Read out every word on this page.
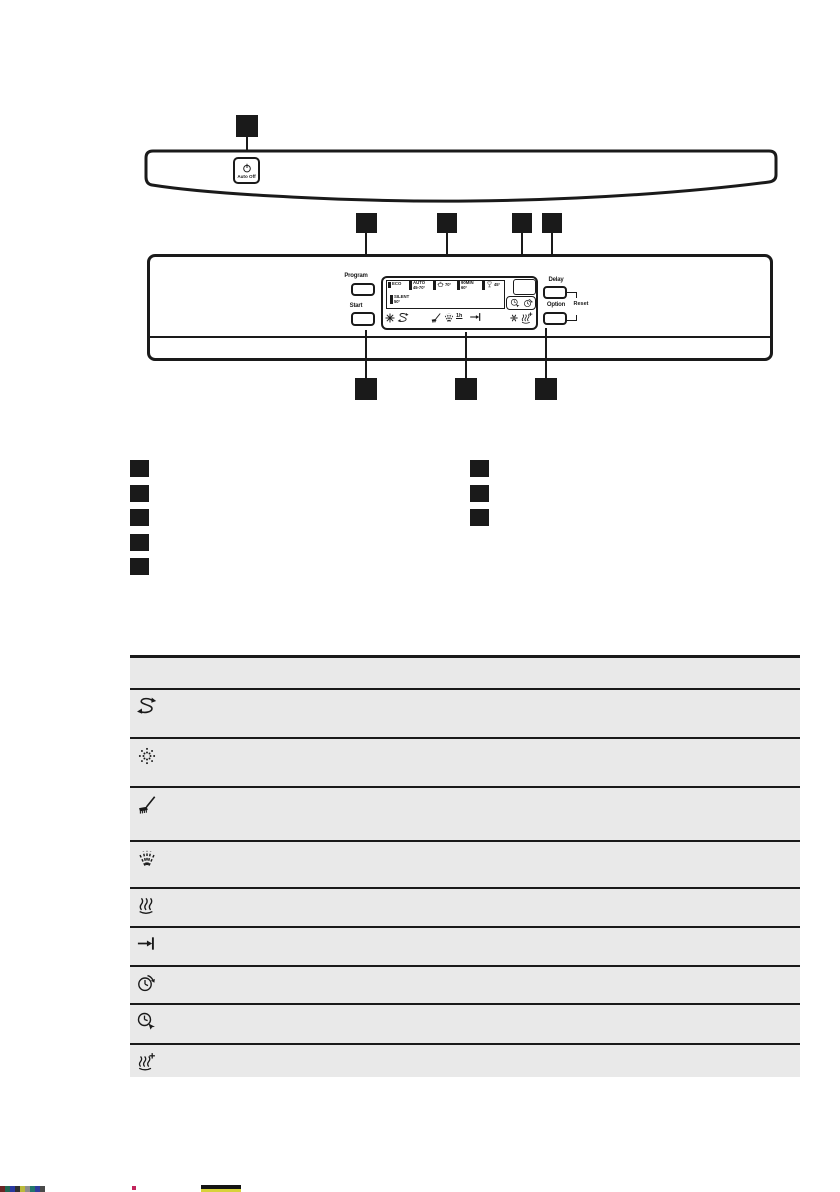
Auto Off
Program
Start
ECO	AUTO
45-70°
70° 90MIN
60°
45°
SILENT
50°
1h
Delay
Option	Reset
